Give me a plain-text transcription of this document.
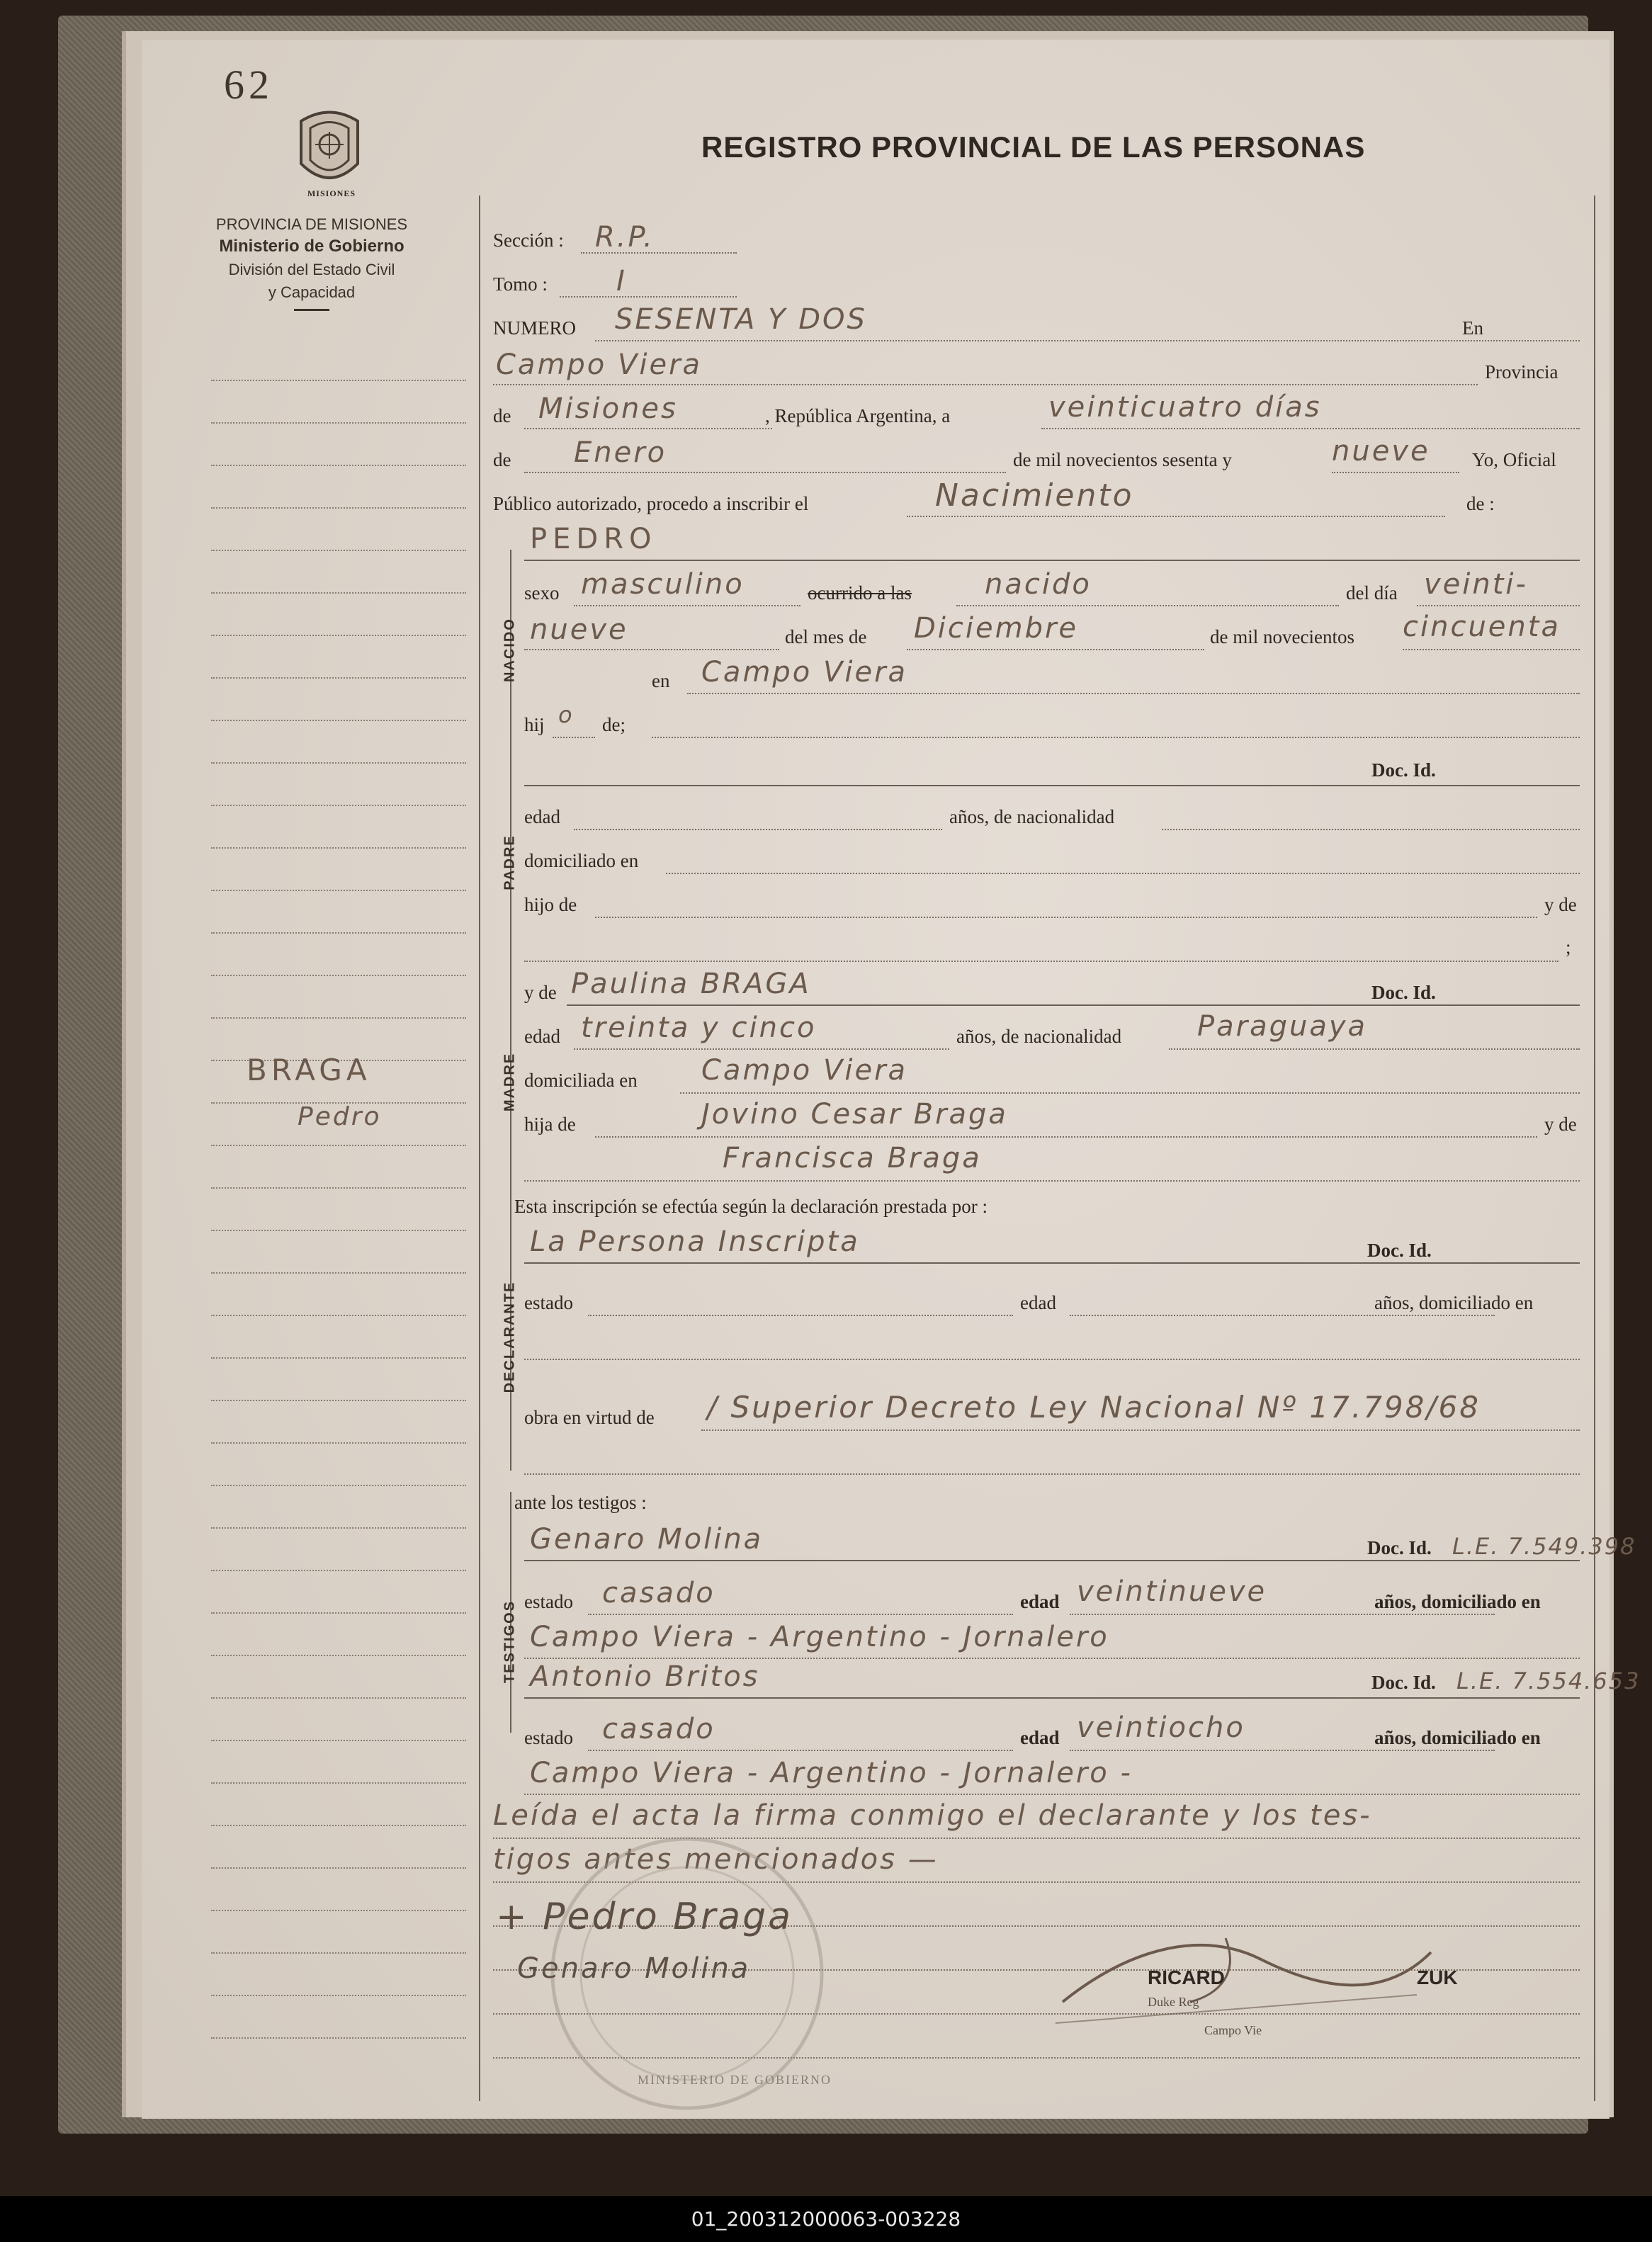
62
MISIONES
REGISTRO PROVINCIAL DE LAS PERSONAS
PROVINCIA DE MISIONES
Ministerio de Gobierno
División del Estado Civil
y Capacidad
BRAGA
Pedro
Sección : R.P.
Tomo : I
NUMERO SESENTA Y DOS	En
Campo Viera	Provincia
de Misiones	, República Argentina, a	veinticuatro días
de Enero	de mil novecientos sesenta y	nueve Yo, Oficial
Público autorizado, procedo a inscribir el	Nacimiento	de :
NACIDO
PEDRO
sexo masculino	ocurrido a las	nacido	del día veinti-
nueve	del mes de Diciembre	de mil novecientos cincuenta
en Campo Viera
hij o de;
PADRE
Doc. Id.
edad	años, de nacionalidad
domiciliado en
hijo de	y de
;
MADRE
y de Paulina BRAGA	Doc. Id.
edad treinta y cinco	años, de nacionalidad	Paraguaya
domiciliada en Campo Viera
hija de	Jovino Cesar Braga	y de
Francisca Braga
Esta inscripción se efectúa según la declaración prestada por :
DECLARANTE
La Persona Inscripta	Doc. Id.
estado	edad	años, domiciliado en
obra en virtud de / Superior Decreto Ley Nacional Nº 17.798/68
ante los testigos :
TESTIGOS
Genaro Molina	Doc. Id. L.E. 7.549.398
estado casado	edad veintinueve	años, domiciliado en
Campo Viera - Argentino - Jornalero
Antonio Britos	Doc. Id. L.E. 7.554.653
estado casado	edad veintiocho	años, domiciliado en
Campo Viera - Argentino - Jornalero -
Leída el acta la firma conmigo el declarante y los tes-
tigos antes mencionados —
MINISTERIO DE GOBIERNO
+ Pedro Braga
Genaro Molina	RICARD	ZUK
Duke Reg
Campo Vie
01_200312000063-003228
